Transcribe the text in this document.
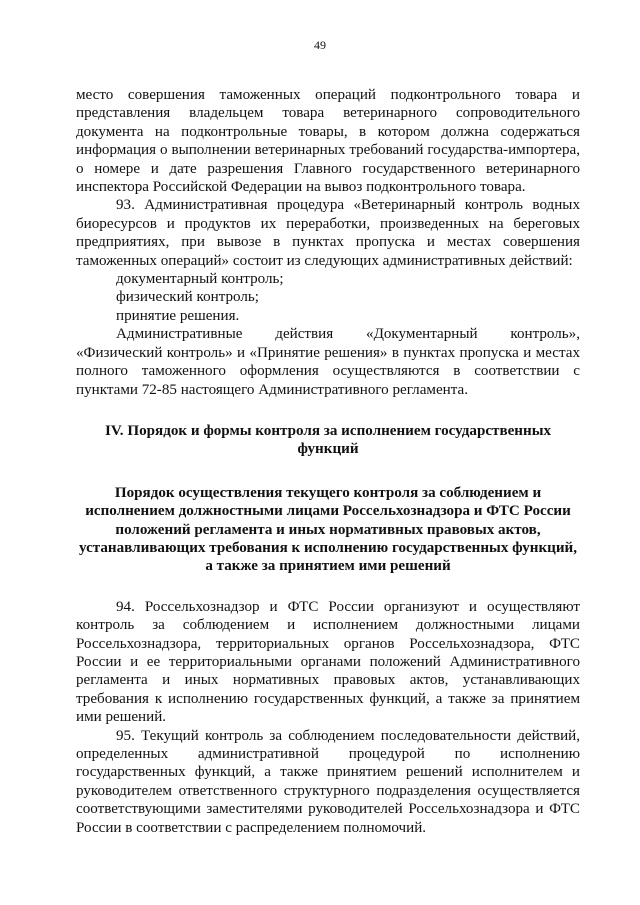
49

место совершения таможенных операций подконтрольного товара и представления владельцем товара ветеринарного сопроводительного документа на подконтрольные товары, в котором должна содержаться информация о выполнении ветеринарных требований государства-импортера, о номере и дате разрешения Главного государственного ветеринарного инспектора Российской Федерации на вывоз подконтрольного товара.

93. Административная процедура «Ветеринарный контроль водных биоресурсов и продуктов их переработки, произведенных на береговых предприятиях, при вывозе в пунктах пропуска и местах совершения таможенных операций» состоит из следующих административных действий:

документарный контроль;

физический контроль;

принятие решения.

Административные действия «Документарный контроль», «Физический контроль» и «Принятие решения» в пунктах пропуска и местах полного таможенного оформления осуществляются в соответствии с пунктами 72-85 настоящего Административного регламента.

IV. Порядок и формы контроля за исполнением государственных
функций
Порядок осуществления текущего контроля за соблюдением и
исполнением должностными лицами Россельхознадзора и ФТС России
положений регламента и иных нормативных правовых актов,
устанавливающих требования к исполнению государственных функций,
а также за принятием ими решений

94. Россельхознадзор и ФТС России организуют и осуществляют контроль за соблюдением и исполнением должностными лицами Россельхознадзора, территориальных органов Россельхознадзора, ФТС России и ее территориальными органами положений Административного регламента и иных нормативных правовых актов, устанавливающих требования к исполнению государственных функций, а также за принятием ими решений.

95. Текущий контроль за соблюдением последовательности действий, определенных административной процедурой по исполнению государственных функций, а также принятием решений исполнителем и руководителем ответственного структурного подразделения осуществляется соответствующими заместителями руководителей Россельхознадзора и ФТС России в соответствии с распределением полномочий.
